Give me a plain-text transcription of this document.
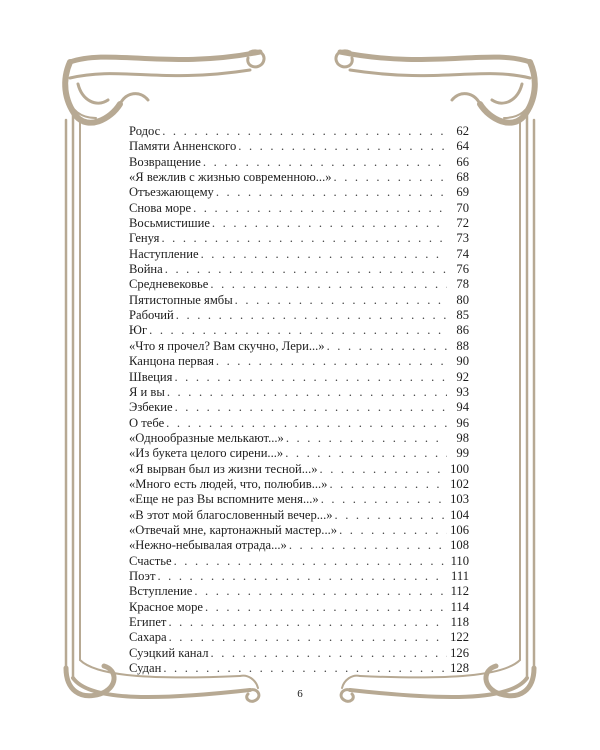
Родос . . .	62
Памяти Анненского . . .	64
Возвращение . . .	66
«Я вежлив с жизнью современною...» . . .	68
Отъезжающему . . .	69
Снова море . . .	70
Восьмистишие . . .	72
Генуя . . .	73
Наступление . . .	74
Война . . .	76
Средневековье . . .	78
Пятистопные ямбы . . .	80
Рабочий . . .	85
Юг . . .	86
«Что я прочел? Вам скучно, Лери...» . . .	88
Канцона первая . . .	90
Швеция . . .	92
Я и вы . . .	93
Эзбекие . . .	94
О тебе . . .	96
«Однообразные мелькают...» . . .	98
«Из букета целого сирени...» . . .	99
«Я вырван был из жизни тесной...» . . .	100
«Много есть людей, что, полюбив...» . . .	102
«Еще не раз Вы вспомните меня...» . . .	103
«В этот мой благословенный вечер...» . . .	104
«Отвечай мне, картонажный мастер...» . . .	106
«Нежно-небывалая отрада...» . . .	108
Счастье . . .	110
Поэт . . .	111
Вступление . . .	112
Красное море . . .	114
Египет . . .	118
Сахара . . .	122
Суэцкий канал . . .	126
Судан . . .	128
6
